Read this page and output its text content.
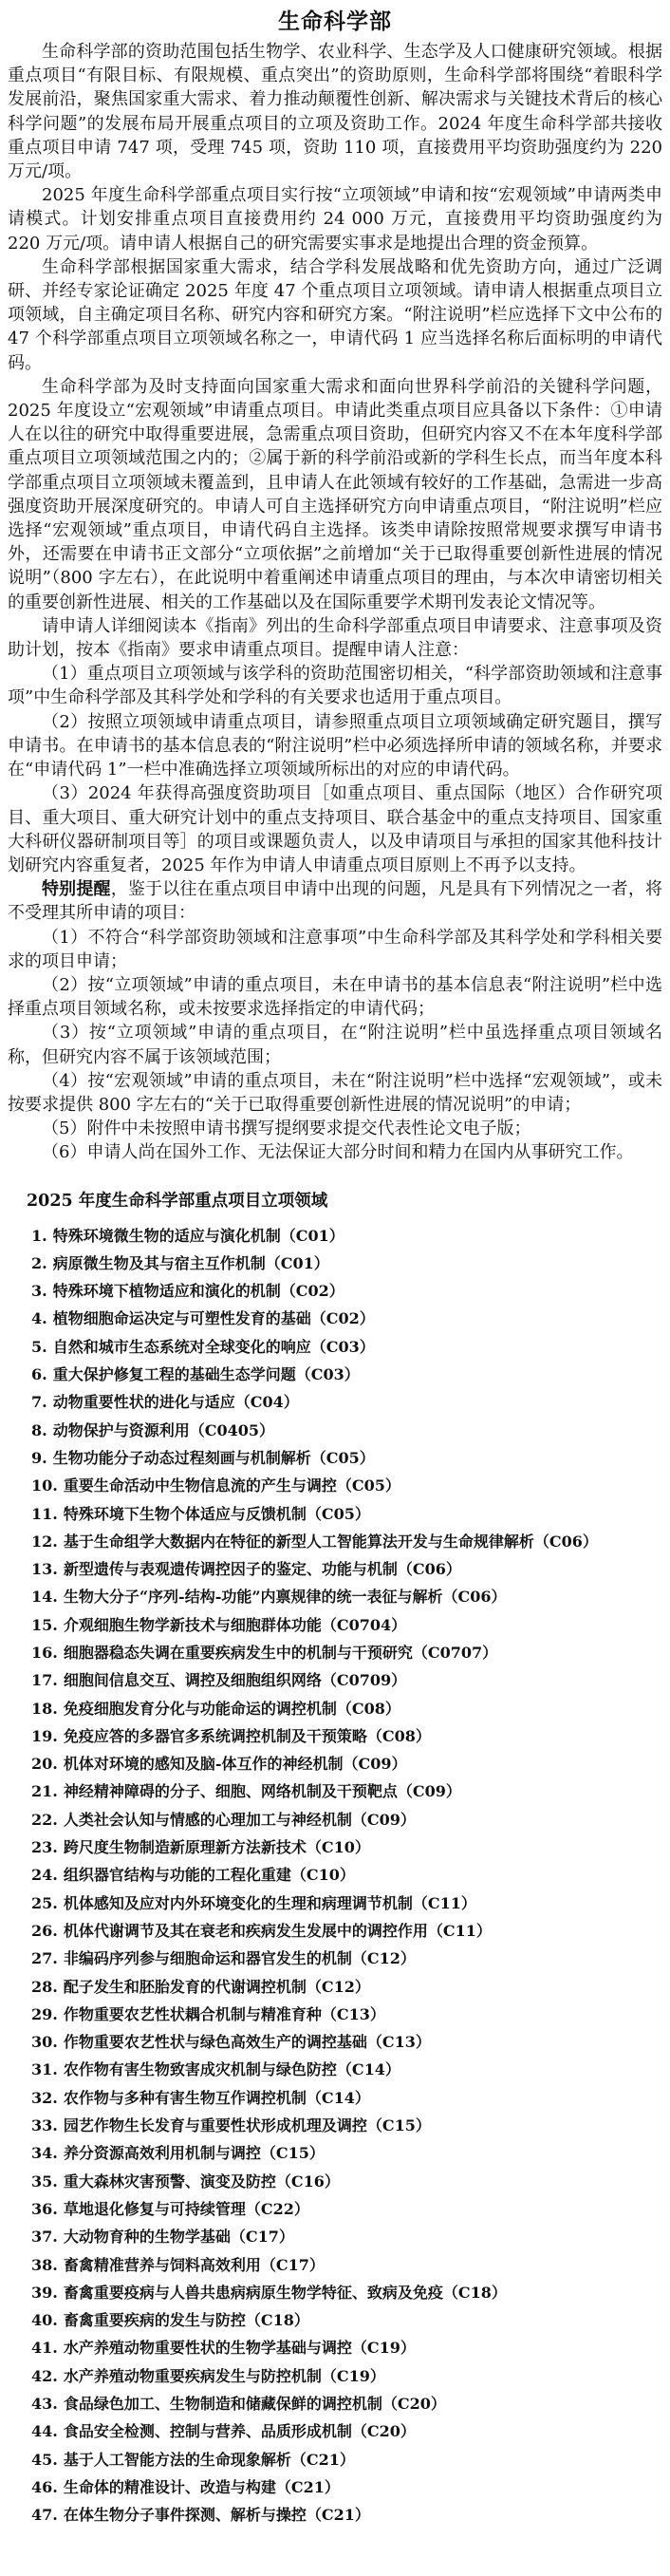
生命科学部

生命科学部的资助范围包括生物学、农业科学、生态学及人口健康研究领域。根据重点项目“有限目标、有限规模、重点突出”的资助原则，生命科学部将围绕“着眼科学发展前沿，聚焦国家重大需求、着力推动颠覆性创新、解决需求与关键技术背后的核心科学问题”的发展布局开展重点项目的立项及资助工作。2024 年度生命科学部共接收重点项目申请 747 项，受理 745 项，资助 110 项，直接费用平均资助强度约为 220 万元/项。

2025 年度生命科学部重点项目实行按“立项领域”申请和按“宏观领域”申请两类申请模式。计划安排重点项目直接费用约 24 000 万元，直接费用平均资助强度约为 220 万元/项。请申请人根据自己的研究需要实事求是地提出合理的资金预算。

生命科学部根据国家重大需求，结合学科发展战略和优先资助方向，通过广泛调研、并经专家论证确定 2025 年度 47 个重点项目立项领域。请申请人根据重点项目立项领域，自主确定项目名称、研究内容和研究方案。“附注说明”栏应选择下文中公布的 47 个科学部重点项目立项领域名称之一，申请代码 1 应当选择名称后面标明的申请代码。

生命科学部为及时支持面向国家重大需求和面向世界科学前沿的关键科学问题，2025 年度设立“宏观领域”申请重点项目。申请此类重点项目应具备以下条件：①申请人在以往的研究中取得重要进展，急需重点项目资助，但研究内容又不在本年度科学部重点项目立项领域范围之内的；②属于新的科学前沿或新的学科生长点，而当年度本科学部重点项目立项领域未覆盖到，且申请人在此领域有较好的工作基础，急需进一步高强度资助开展深度研究的。申请人可自主选择研究方向申请重点项目，“附注说明”栏应选择“宏观领域”重点项目，申请代码自主选择。该类申请除按照常规要求撰写申请书外，还需要在申请书正文部分“立项依据”之前增加“关于已取得重要创新性进展的情况说明”（800 字左右），在此说明中着重阐述申请重点项目的理由，与本次申请密切相关的重要创新性进展、相关的工作基础以及在国际重要学术期刊发表论文情况等。

请申请人详细阅读本《指南》列出的生命科学部重点项目申请要求、注意事项及资助计划，按本《指南》要求申请重点项目。提醒申请人注意：

（1）重点项目立项领域与该学科的资助范围密切相关，“科学部资助领域和注意事项”中生命科学部及其科学处和学科的有关要求也适用于重点项目。

（2）按照立项领域申请重点项目，请参照重点项目立项领域确定研究题目，撰写申请书。在申请书的基本信息表的“附注说明”栏中必须选择所申请的领域名称，并要求在“申请代码 1”一栏中准确选择立项领域所标出的对应的申请代码。

（3）2024 年获得高强度资助项目［如重点项目、重点国际（地区）合作研究项目、重大项目、重大研究计划中的重点支持项目、联合基金中的重点支持项目、国家重大科研仪器研制项目等］的项目或课题负责人，以及申请项目与承担的国家其他科技计划研究内容重复者，2025 年作为申请人申请重点项目原则上不再予以支持。

特别提醒，鉴于以往在重点项目申请中出现的问题，凡是具有下列情况之一者，将不受理其所申请的项目：

（1）不符合“科学部资助领域和注意事项”中生命科学部及其科学处和学科相关要求的项目申请；

（2）按“立项领域”申请的重点项目，未在申请书的基本信息表“附注说明”栏中选择重点项目领域名称，或未按要求选择指定的申请代码；

（3）按“立项领域”申请的重点项目，在“附注说明”栏中虽选择重点项目领域名称，但研究内容不属于该领域范围；

（4）按“宏观领域”申请的重点项目，未在“附注说明”栏中选择“宏观领域”，或未按要求提供 800 字左右的“关于已取得重要创新性进展的情况说明”的申请；

（5）附件中未按照申请书撰写提纲要求提交代表性论文电子版；

（6）申请人尚在国外工作、无法保证大部分时间和精力在国内从事研究工作。

2025 年度生命科学部重点项目立项领域
1. 特殊环境微生物的适应与演化机制（C01）
2. 病原微生物及其与宿主互作机制（C01）
3. 特殊环境下植物适应和演化的机制（C02）
4. 植物细胞命运决定与可塑性发育的基础（C02）
5. 自然和城市生态系统对全球变化的响应（C03）
6. 重大保护修复工程的基础生态学问题（C03）
7. 动物重要性状的进化与适应（C04）
8. 动物保护与资源利用（C0405）
9. 生物功能分子动态过程刻画与机制解析（C05）
10. 重要生命活动中生物信息流的产生与调控（C05）
11. 特殊环境下生物个体适应与反馈机制（C05）
12. 基于生命组学大数据内在特征的新型人工智能算法开发与生命规律解析（C06）
13. 新型遗传与表观遗传调控因子的鉴定、功能与机制（C06）
14. 生物大分子“序列-结构-功能”内禀规律的统一表征与解析（C06）
15. 介观细胞生物学新技术与细胞群体功能（C0704）
16. 细胞器稳态失调在重要疾病发生中的机制与干预研究（C0707）
17. 细胞间信息交互、调控及细胞组织网络（C0709）
18. 免疫细胞发育分化与功能命运的调控机制（C08）
19. 免疫应答的多器官多系统调控机制及干预策略（C08）
20. 机体对环境的感知及脑-体互作的神经机制（C09）
21. 神经精神障碍的分子、细胞、网络机制及干预靶点（C09）
22. 人类社会认知与情感的心理加工与神经机制（C09）
23. 跨尺度生物制造新原理新方法新技术（C10）
24. 组织器官结构与功能的工程化重建（C10）
25. 机体感知及应对内外环境变化的生理和病理调节机制（C11）
26. 机体代谢调节及其在衰老和疾病发生发展中的调控作用（C11）
27. 非编码序列参与细胞命运和器官发生的机制（C12）
28. 配子发生和胚胎发育的代谢调控机制（C12）
29. 作物重要农艺性状耦合机制与精准育种（C13）
30. 作物重要农艺性状与绿色高效生产的调控基础（C13）
31. 农作物有害生物致害成灾机制与绿色防控（C14）
32. 农作物与多种有害生物互作调控机制（C14）
33. 园艺作物生长发育与重要性状形成机理及调控（C15）
34. 养分资源高效利用机制与调控（C15）
35. 重大森林灾害预警、演变及防控（C16）
36. 草地退化修复与可持续管理（C22）
37. 大动物育种的生物学基础（C17）
38. 畜禽精准营养与饲料高效利用（C17）
39. 畜禽重要疫病与人兽共患病病原生物学特征、致病及免疫（C18）
40. 畜禽重要疾病的发生与防控（C18）
41. 水产养殖动物重要性状的生物学基础与调控（C19）
42. 水产养殖动物重要疾病发生与防控机制（C19）
43. 食品绿色加工、生物制造和储藏保鲜的调控机制（C20）
44. 食品安全检测、控制与营养、品质形成机制（C20）
45. 基于人工智能方法的生命现象解析（C21）
46. 生命体的精准设计、改造与构建（C21）
47. 在体生物分子事件探测、解析与操控（C21）
